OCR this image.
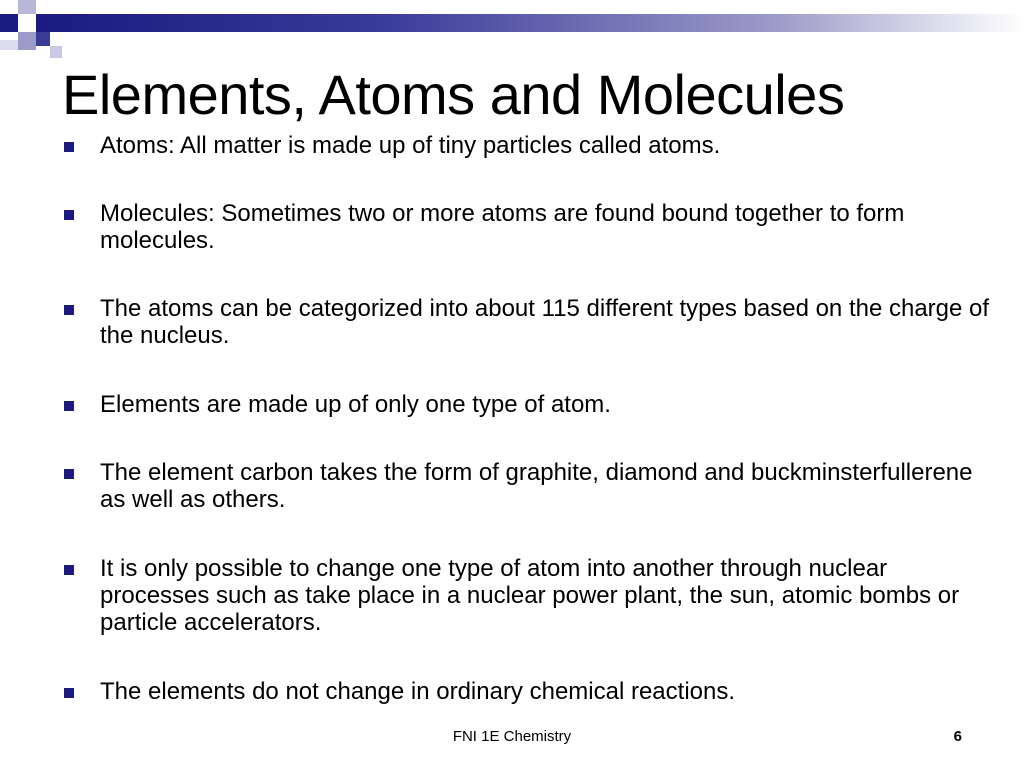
Elements, Atoms and Molecules
Atoms: All matter is made up of tiny particles called atoms.
Molecules: Sometimes two or more atoms are found bound together to form molecules.
The atoms can be categorized into about 115 different types based on the charge of the nucleus.
Elements are made up of only one type of atom.
The element carbon takes the form of graphite, diamond and buckminsterfullerene as well as others.
It is only possible to change one type of atom into another through nuclear processes such as take place in a nuclear power plant, the sun, atomic bombs or particle accelerators.
The elements do not change in ordinary chemical reactions.
FNI 1E Chemistry	6
